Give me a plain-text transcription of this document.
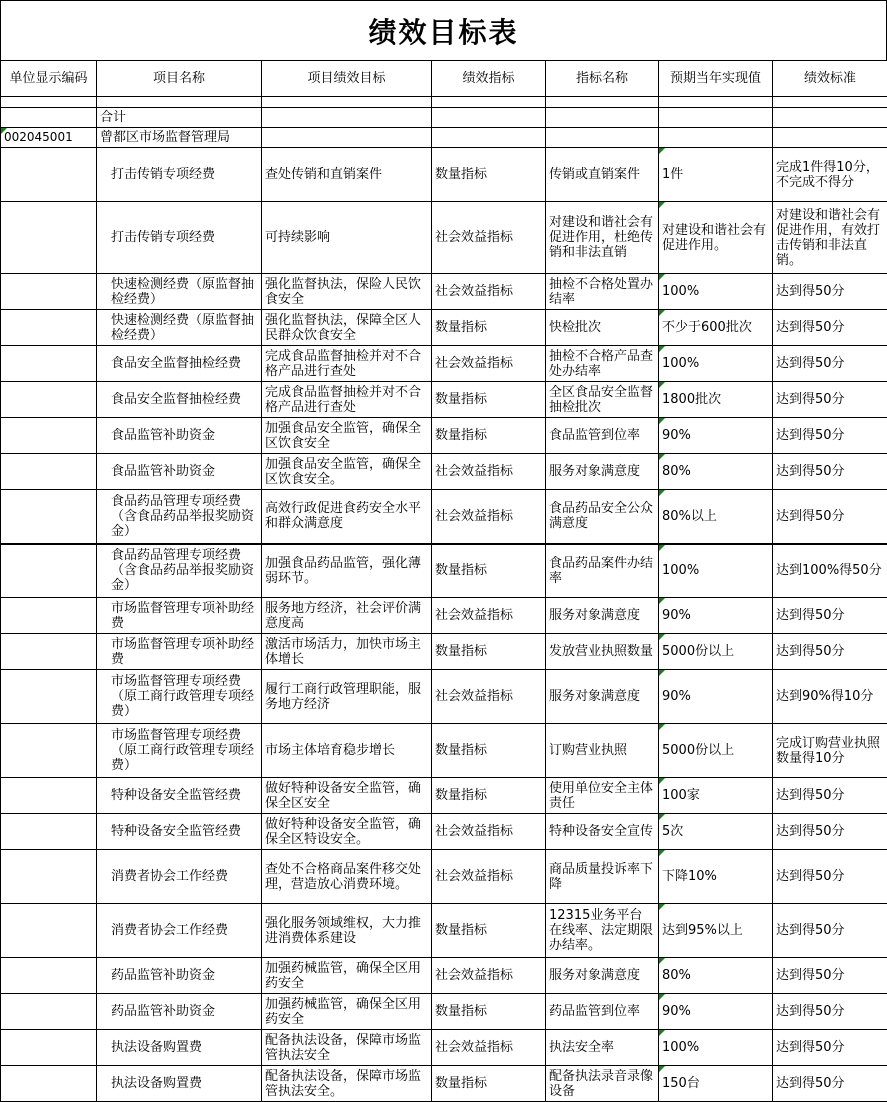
绩效目标表
单位显示编码	项目名称	项目绩效目标	绩效指标	指标名称	预期当年实现值	绩效标准

	合计					

002045001	曾都区市场监督管理局					
	打击传销专项经费	查处传销和直销案件	数量指标	传销或直销案件	1件	完成1件得10分，不完成不得分
	打击传销专项经费	可持续影响	社会效益指标	对建设和谐社会有促进作用，杜绝传销和非法直销	对建设和谐社会有促进作用。	对建设和谐社会有促进作用，有效打击传销和非法直销。
	快速检测经费（原监督抽检经费）	强化监督执法，保险人民饮食安全	社会效益指标	抽检不合格处置办结率	100%	达到得50分
	快速检测经费（原监督抽检经费）	强化监督执法，保障全区人民群众饮食安全	数量指标	快检批次	不少于600批次	达到得50分
	食品安全监督抽检经费	完成食品监督抽检并对不合格产品进行查处	社会效益指标	抽检不合格产品查处办结率	100%	达到得50分
	食品安全监督抽检经费	完成食品监督抽检并对不合格产品进行查处	数量指标	全区食品安全监督抽检批次	1800批次	达到得50分
	食品监管补助资金	加强食品安全监管，确保全区饮食安全	数量指标	食品监管到位率	90%	达到得50分
	食品监管补助资金	加强食品安全监管，确保全区饮食安全。	社会效益指标	服务对象满意度	80%	达到得50分
	食品药品管理专项经费（含食品药品举报奖励资金）	高效行政促进食药安全水平和群众满意度	社会效益指标	食品药品安全公众满意度	80%以上	达到得50分
	食品药品管理专项经费（含食品药品举报奖励资金）	加强食品药品监管，强化薄弱环节。	数量指标	食品药品案件办结率	100%	达到100%得50分
	市场监督管理专项补助经费	服务地方经济，社会评价满意度高	社会效益指标	服务对象满意度	90%	达到得50分
	市场监督管理专项补助经费	激活市场活力，加快市场主体增长	数量指标	发放营业执照数量	5000份以上	达到得50分
	市场监督管理专项经费（原工商行政管理专项经费）	履行工商行政管理职能，服务地方经济	社会效益指标	服务对象满意度	90%	达到90%得10分
	市场监督管理专项经费（原工商行政管理专项经费）	市场主体培育稳步增长	数量指标	订购营业执照	5000份以上	完成订购营业执照数量得10分
	特种设备安全监管经费	做好特种设备安全监管，确保全区安全	数量指标	使用单位安全主体责任	100家	达到得50分
	特种设备安全监管经费	做好特种设备安全监管，确保全区特设安全。	社会效益指标	特种设备安全宣传	5次	达到得50分
	消费者协会工作经费	查处不合格商品案件移交处理，营造放心消费环境。	社会效益指标	商品质量投诉率下降	下降10%	达到得50分
	消费者协会工作经费	强化服务领域维权，大力推进消费体系建设	数量指标	12315业务平台在线率、法定期限办结率。	达到95%以上	达到得50分
	药品监管补助资金	加强药械监管，确保全区用药安全	社会效益指标	服务对象满意度	80%	达到得50分
	药品监管补助资金	加强药械监管，确保全区用药安全	数量指标	药品监管到位率	90%	达到得50分
	执法设备购置费	配备执法设备，保障市场监管执法安全	社会效益指标	执法安全率	100%	达到得50分
	执法设备购置费	配备执法设备，保障市场监管执法安全。	数量指标	配备执法录音录像设备	150台	达到得50分
